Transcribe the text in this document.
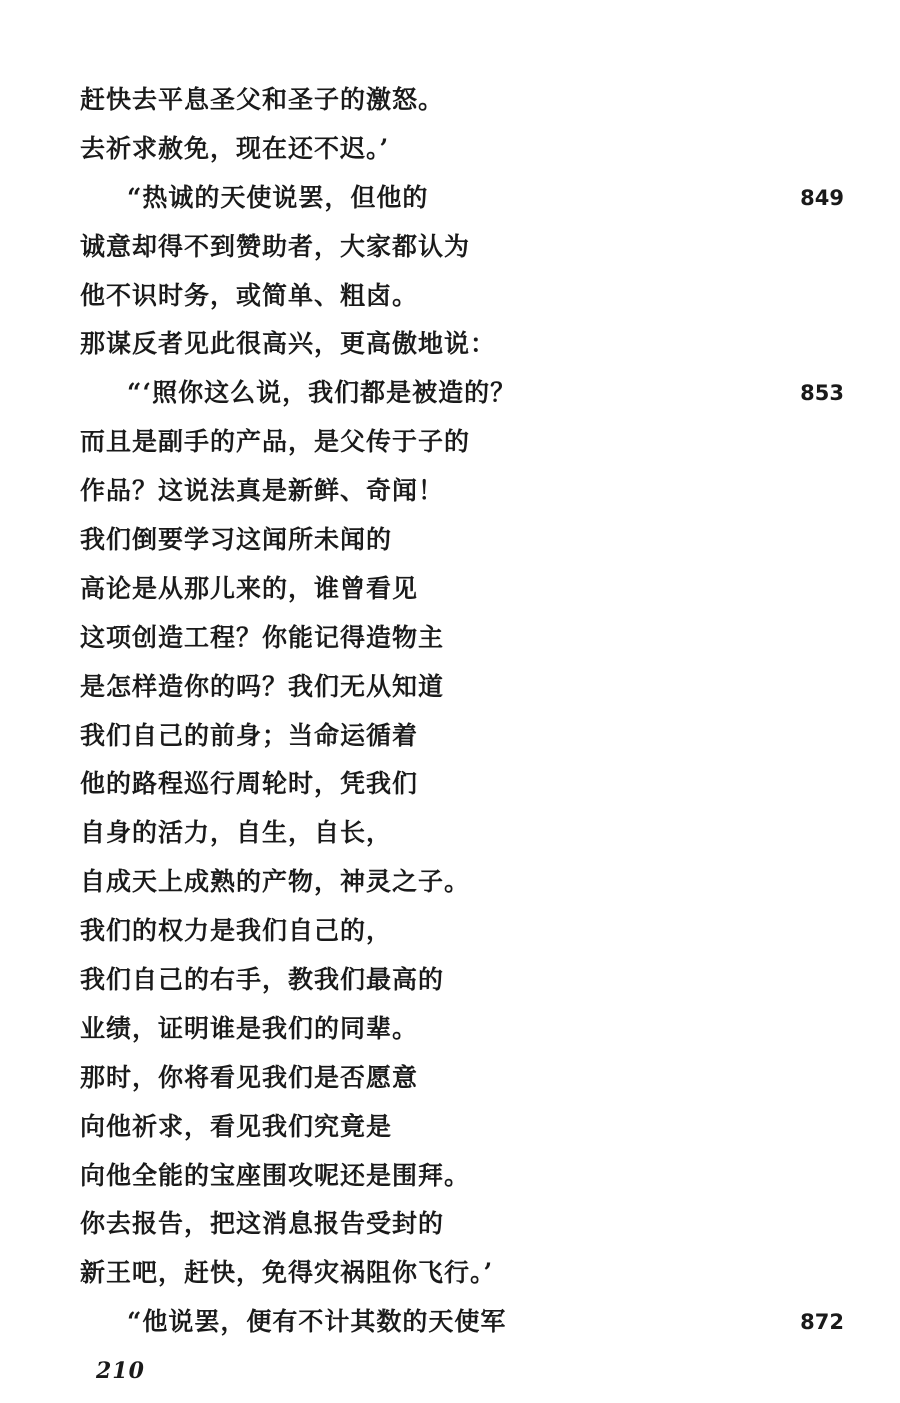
赶快去平息圣父和圣子的激怒。
去祈求赦免，现在还不迟。’
“热诚的天使说罢，但他的	849
诚意却得不到赞助者，大家都认为
他不识时务，或简单、粗卤。
那谋反者见此很高兴，更高傲地说：
“‘照你这么说，我们都是被造的？	853
而且是副手的产品，是父传于子的
作品？这说法真是新鲜、奇闻！
我们倒要学习这闻所未闻的
高论是从那儿来的，谁曾看见
这项创造工程？你能记得造物主
是怎样造你的吗？我们无从知道
我们自己的前身；当命运循着
他的路程巡行周轮时，凭我们
自身的活力，自生，自长，
自成天上成熟的产物，神灵之子。
我们的权力是我们自己的，
我们自己的右手，教我们最高的
业绩，证明谁是我们的同辈。
那时，你将看见我们是否愿意
向他祈求，看见我们究竟是
向他全能的宝座围攻呢还是围拜。
你去报告，把这消息报告受封的
新王吧，赶快，免得灾祸阻你飞行。’
“他说罢，便有不计其数的天使军	872
210
